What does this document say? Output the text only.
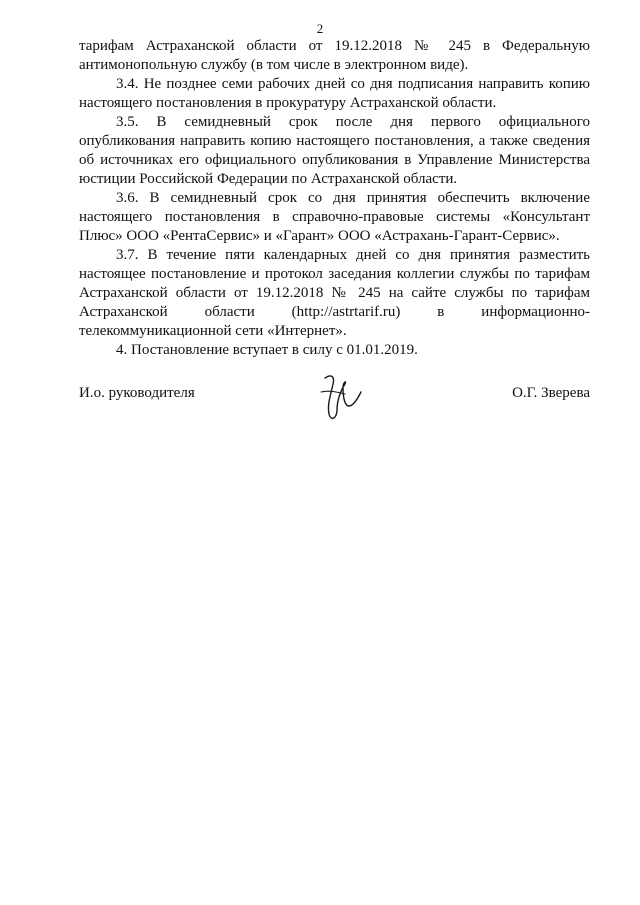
2

тарифам Астраханской области от 19.12.2018 № 245 в Федеральную антимонопольную службу (в том числе в электронном виде).

3.4. Не позднее семи рабочих дней со дня подписания направить копию настоящего постановления в прокуратуру Астраханской области.

3.5. В семидневный срок после дня первого официального опубликования направить копию настоящего постановления, а также сведения об источниках его официального опубликования в Управление Министерства юстиции Российской Федерации по Астраханской области.

3.6. В семидневный срок со дня принятия обеспечить включение настоящего постановления в справочно-правовые системы «Консультант Плюс» ООО «РентаСервис» и «Гарант» ООО «Астрахань-Гарант-Сервис».

3.7. В течение пяти календарных дней со дня принятия разместить настоящее постановление и протокол заседания коллегии службы по тарифам Астраханской области от 19.12.2018 № 245 на сайте службы по тарифам Астраханской области (http://astrtarif.ru) в информационно-телекоммуникационной сети «Интернет».

4. Постановление вступает в силу с 01.01.2019.

И.о. руководителя	О.Г. Зверева
